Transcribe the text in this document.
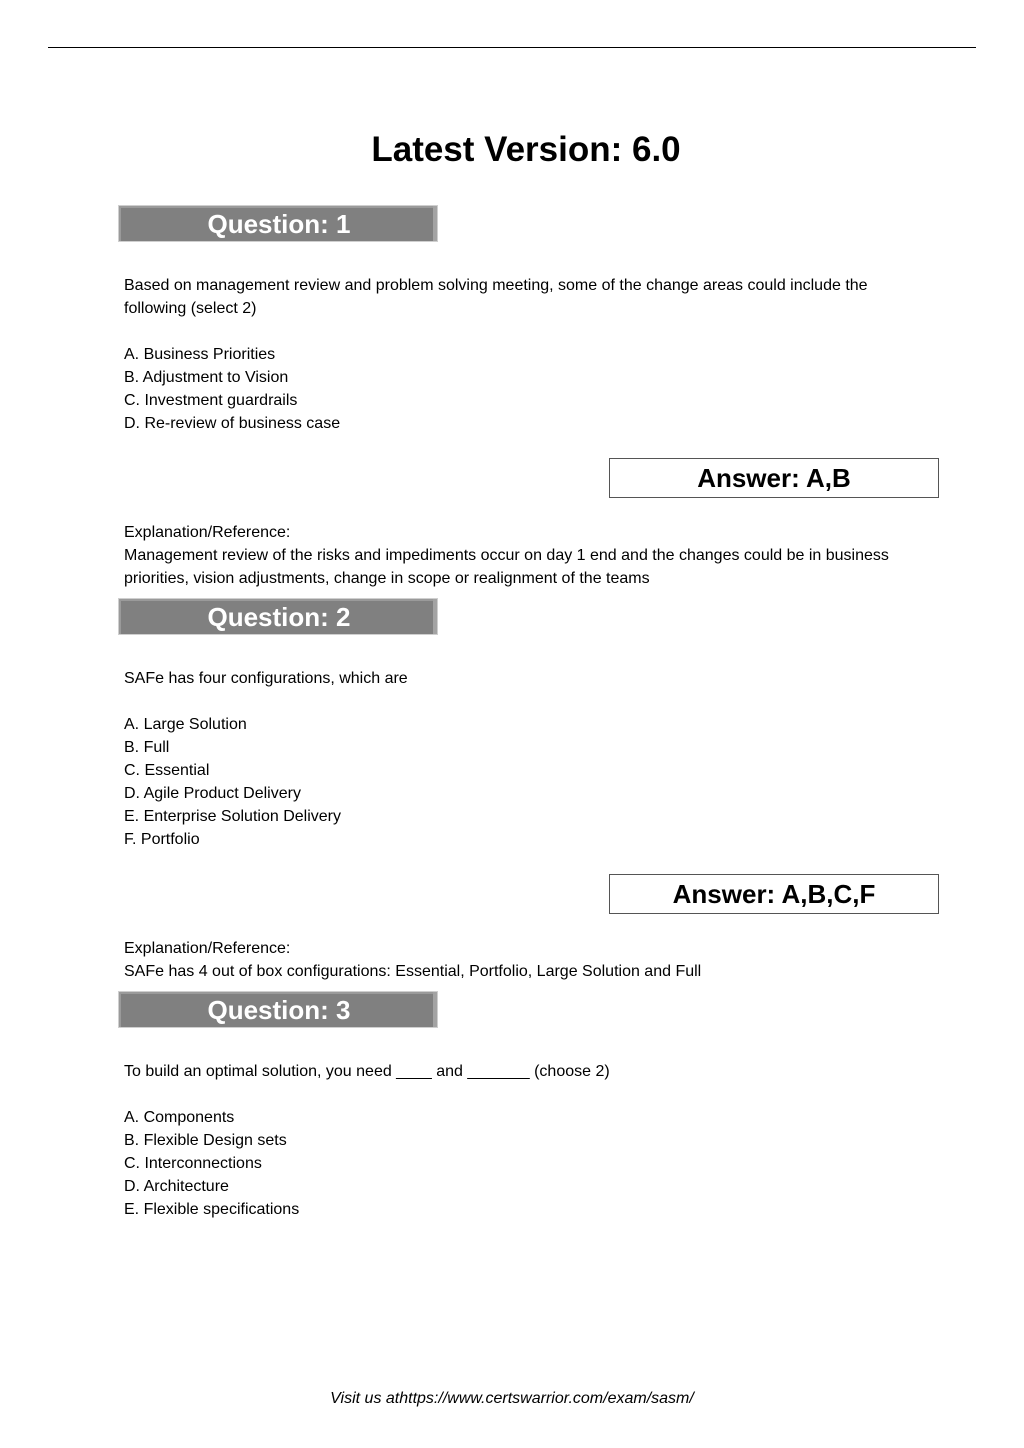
Latest Version: 6.0
Question: 1

Based on management review and problem solving meeting, some of the change areas could include the following (select 2)

A. Business Priorities
B. Adjustment to Vision
C. Investment guardrails
D. Re-review of business case
Answer: A,B

Explanation/Reference:

Management review of the risks and impediments occur on day 1 end and the changes could be in business priorities, vision adjustments, change in scope or realignment of the teams

Question: 2

SAFe has four configurations, which are

A. Large Solution
B. Full
C. Essential
D. Agile Product Delivery
E. Enterprise Solution Delivery
F. Portfolio
Answer: A,B,C,F

Explanation/Reference:

SAFe has 4 out of box configurations: Essential, Portfolio, Large Solution and Full

Question: 3

To build an optimal solution, you need ____ and _______ (choose 2)

A. Components
B. Flexible Design sets
C. Interconnections
D. Architecture
E. Flexible specifications
Visit us athttps://www.certswarrior.com/exam/sasm/
